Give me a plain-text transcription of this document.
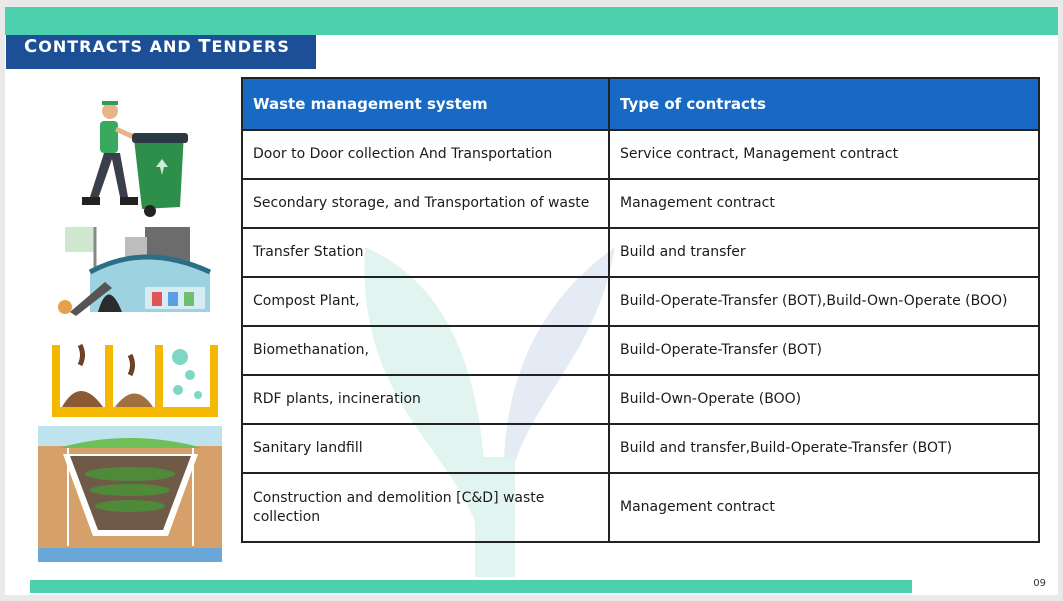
CONTRACTS AND TENDERS
09
Waste management system	Type of contracts
Door to Door collection And Transportation	Service contract, Management contract
Secondary storage, and Transportation of waste	Management contract
Transfer Station	Build and transfer
Compost Plant,	Build-Operate-Transfer (BOT),Build-Own-Operate (BOO)
Biomethanation,	Build-Operate-Transfer (BOT)
RDF plants, incineration	Build-Own-Operate (BOO)
Sanitary landfill	Build and transfer,Build-Operate-Transfer (BOT)
Construction and demolition [C&D] waste collection	Management contract
